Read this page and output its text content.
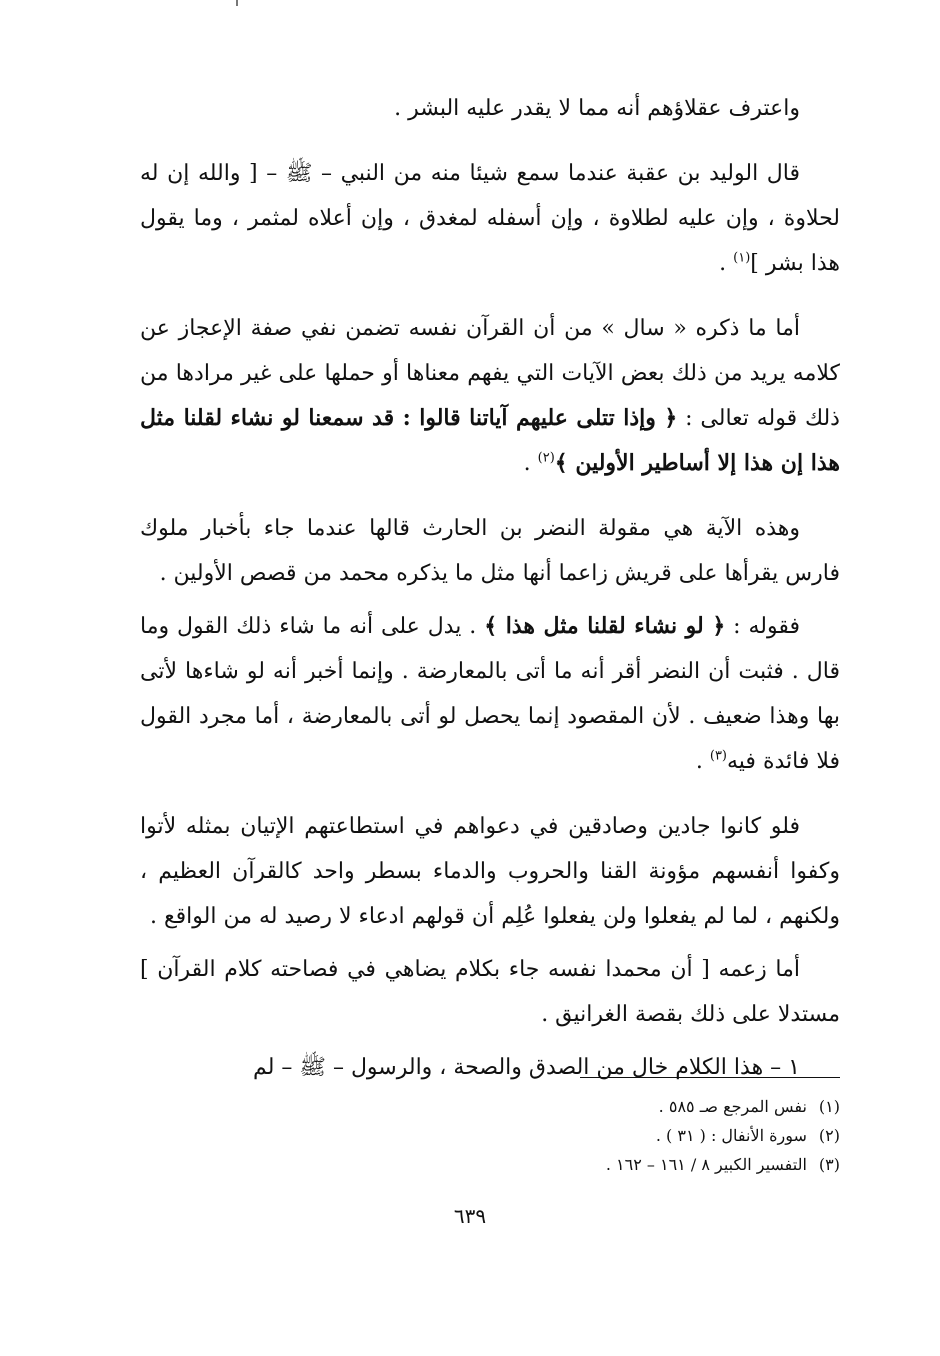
واعترف عقلاؤهم أنه مما لا يقدر عليه البشر .

قال الوليد بن عقبة عندما سمع شيئا منه من النبي – ﷺ – [ والله إن له لحلاوة ، وإن عليه لطلاوة ، وإن أسفله لمغدق ، وإن أعلاه لمثمر ، وما يقول هذا بشر ]$^{(١)}$ .

أما ما ذكره « سال » من أن القرآن نفسه تضمن نفي صفة الإعجاز عن كلامه يريد من ذلك بعض الآيات التي يفهم معناها أو حملها على غير مرادها من ذلك قوله تعالى : ﴿ وإذا تتلى عليهم آياتنا قالوا : قد سمعنا لو نشاء لقلنا مثل هذا إن هذا إلا أساطير الأولين ﴾$^{(٢)}$ .

وهذه الآية هي مقولة النضر بن الحارث قالها عندما جاء بأخبار ملوك فارس يقرأها على قريش زاعما أنها مثل ما يذكره محمد من قصص الأولين .

فقوله : ﴿ لو نشاء لقلنا مثل هذا ﴾ . يدل على أنه ما شاء ذلك القول وما قال . فثبت أن النضر أقر أنه ما أتى بالمعارضة . وإنما أخبر أنه لو شاءها لأتى بها وهذا ضعيف . لأن المقصود إنما يحصل لو أتى بالمعارضة ، أما مجرد القول فلا فائدة فيه$^{(٣)}$ .

فلو كانوا جادين وصادقين في دعواهم في استطاعتهم الإتيان بمثله لأتوا وكفوا أنفسهم مؤونة القنا والحروب والدماء بسطر واحد كالقرآن العظيم ، ولكنهم ، لما لم يفعلوا ولن يفعلوا عُلِم أن قولهم ادعاء لا رصيد له من الواقع .

أما زعمه [ أن محمدا نفسه جاء بكلام يضاهي في فصاحته كلام القرآن ] مستدلا على ذلك بقصة الغرانيق .

١ – هذا الكلام خال من الصدق والصحة ، والرسول – ﷺ – لم

(١)نفس المرجع صـ ٥٨٥ .
(٢)سورة الأنفال : ( ٣١ ) .
(٣)التفسير الكبير ٨ / ١٦١ – ١٦٢ .
٦٣٩
